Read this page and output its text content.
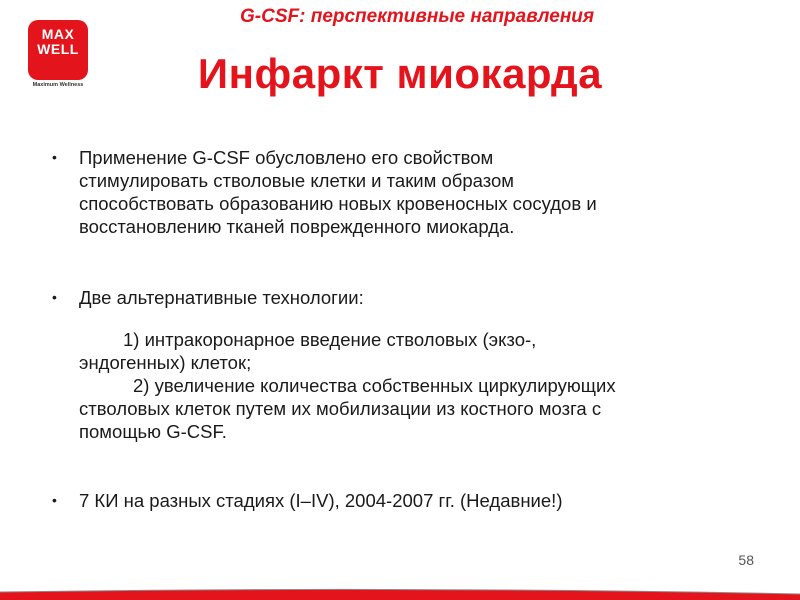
MAX
WELL
Maximum Wellness
G-CSF: перспективные направления
Инфаркт миокарда
• Применение G-CSF обусловлено его свойством
стимулировать стволовые клетки и таким образом
способствовать образованию новых кровеносных сосудов и
восстановлению тканей поврежденного миокарда.
• Две альтернативные технологии:
1) интракоронарное введение стволовых (экзо-,
эндогенных) клеток;
2) увеличение количества собственных циркулирующих
стволовых клеток путем их мобилизации из костного мозга с
помощью G-CSF.
• 7 КИ на разных стадиях (I–IV), 2004-2007 гг. (Недавние!)
58
